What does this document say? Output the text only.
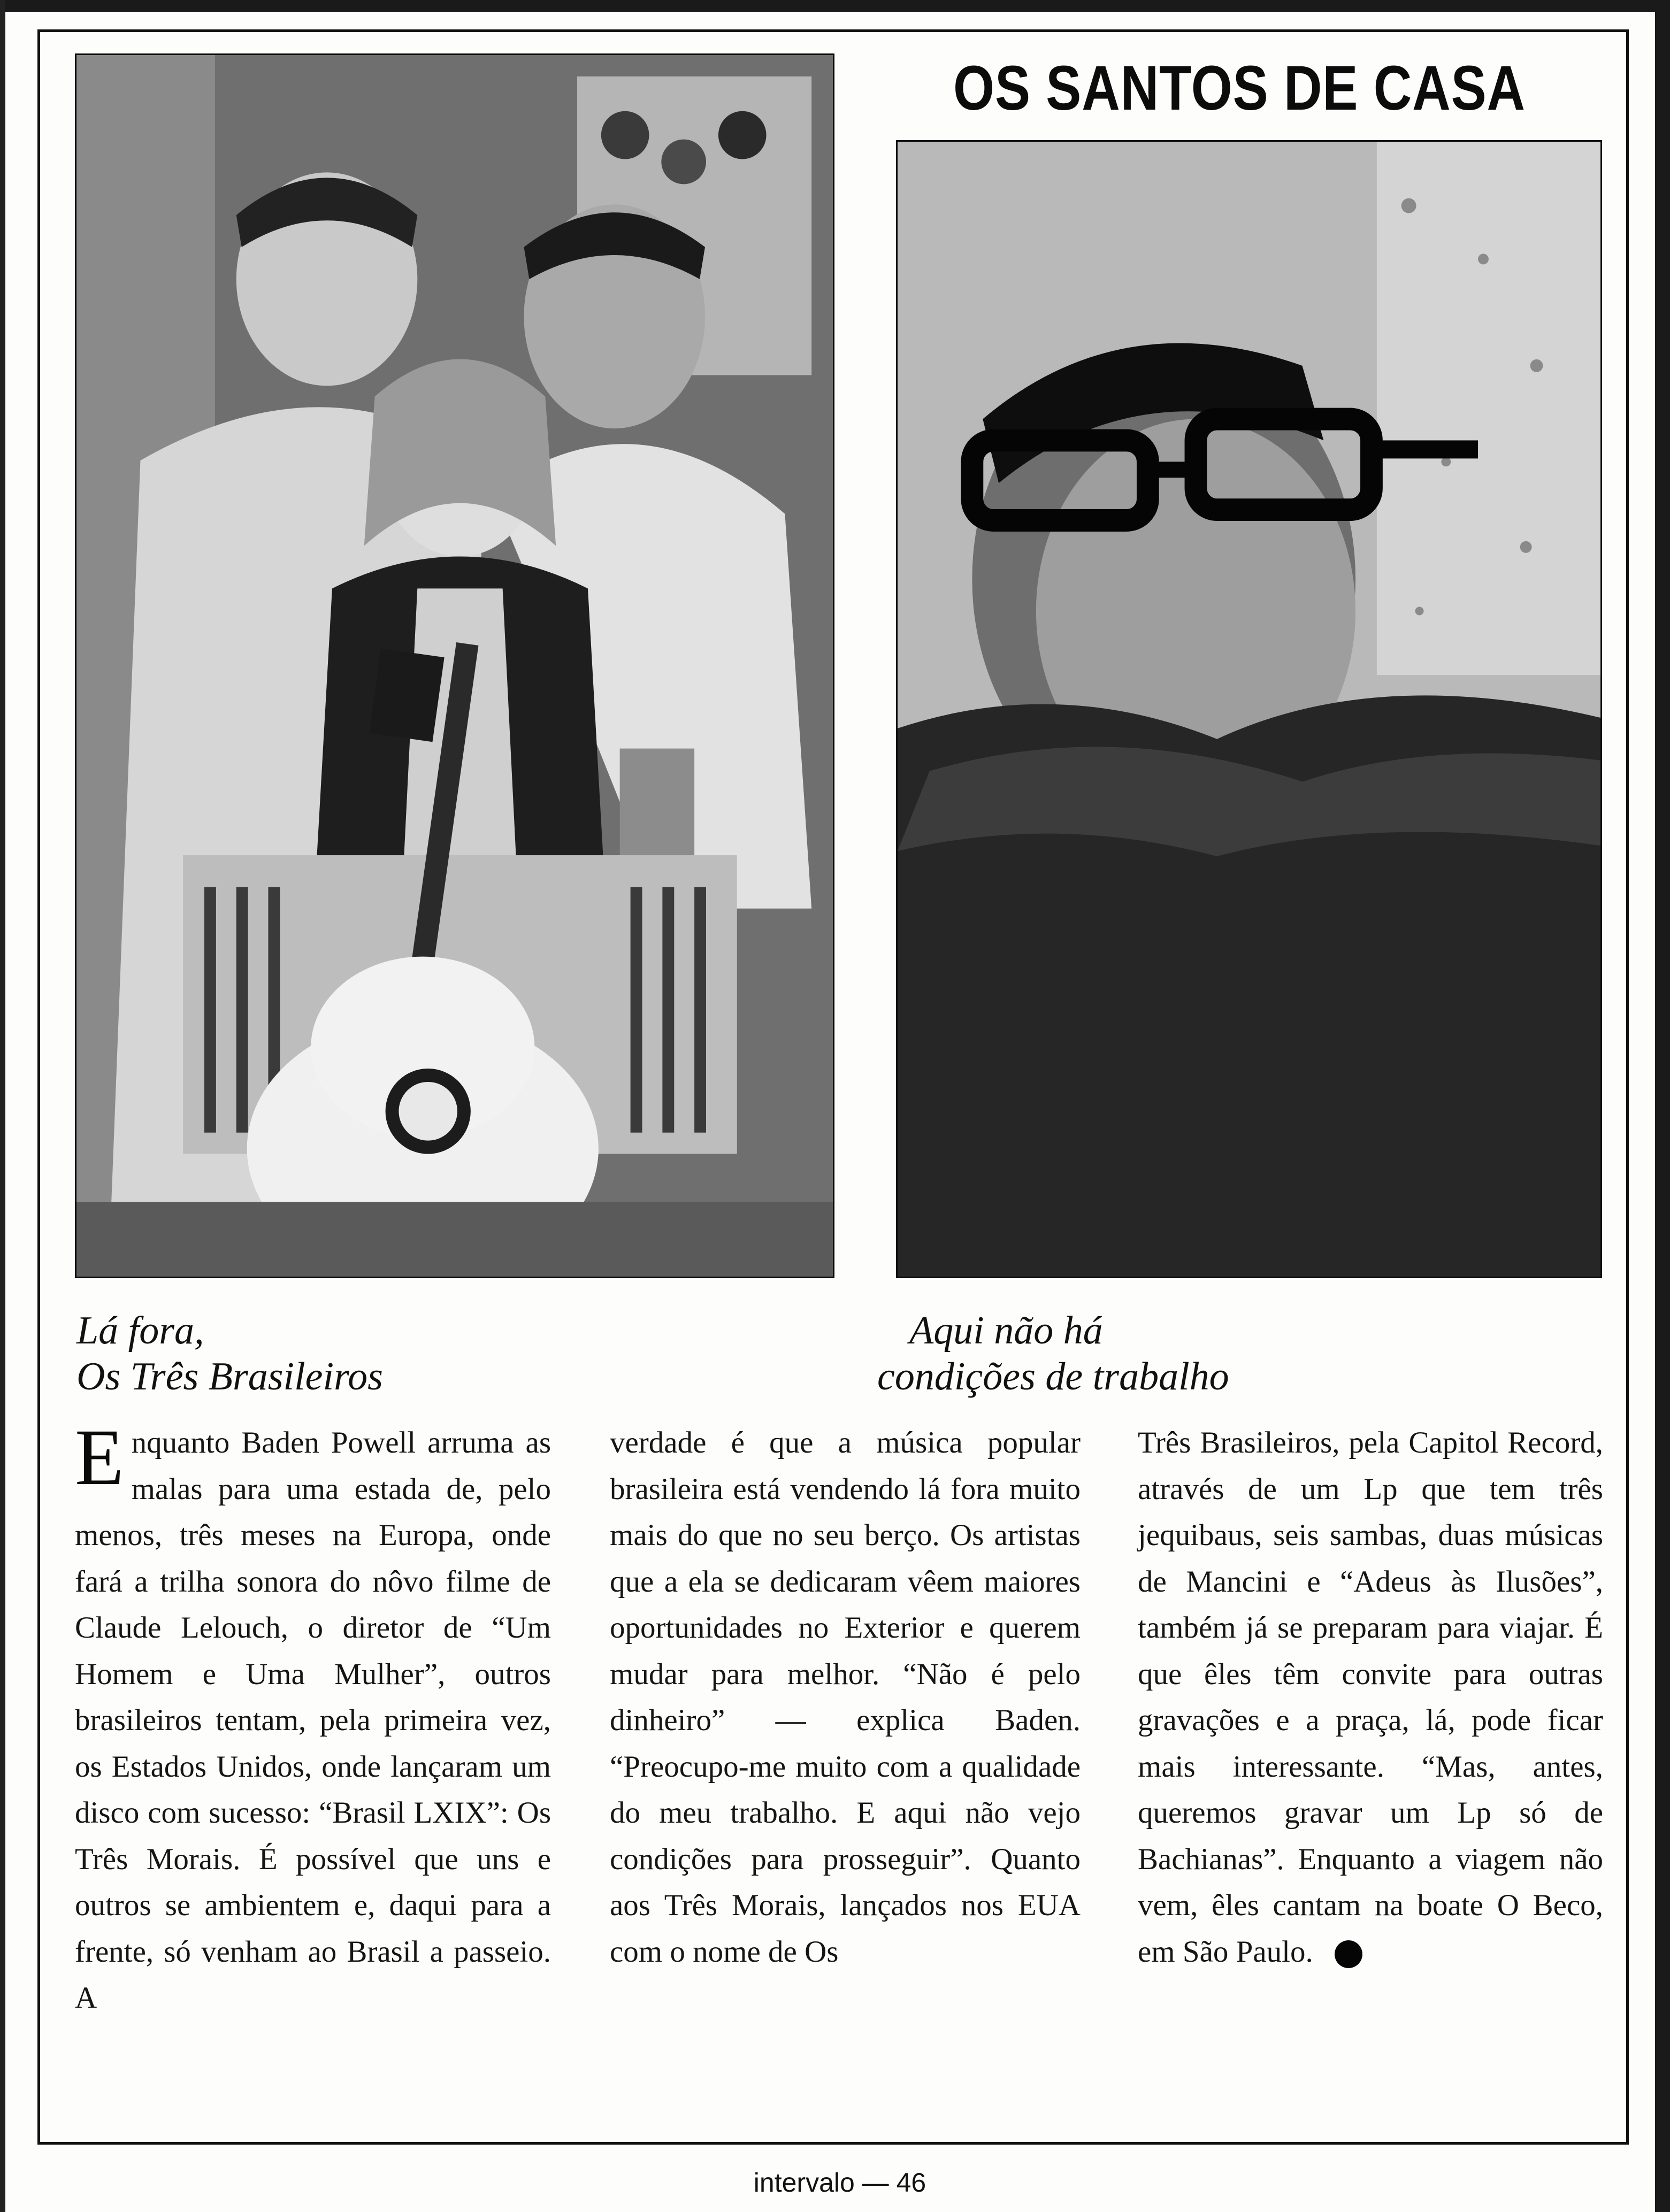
OS SANTOS DE CASA
Lá fora,
Os Três Brasileiros
Aqui não há
condições de trabalho

Enquanto Baden Powell arruma as malas para uma estada de, pelo menos, três meses na Europa, onde fará a trilha sonora do nôvo filme de Claude Lelouch, o diretor de “Um Homem e Uma Mulher”, outros brasileiros tentam, pela primeira vez, os Estados Unidos, onde lançaram um disco com sucesso: “Brasil LXIX”: Os Três Morais. É possível que uns e outros se ambientem e, daqui para a frente, só venham ao Brasil a passeio. A

verdade é que a música popular brasileira está vendendo lá fora muito mais do que no seu berço. Os artistas que a ela se dedicaram vêem maiores oportunidades no Exterior e querem mudar para melhor. “Não é pelo dinheiro” — explica Baden. “Preocupo-me muito com a qualidade do meu trabalho. E aqui não vejo condições para prosseguir”. Quanto aos Três Morais, lançados nos EUA com o nome de Os

Três Brasileiros, pela Capitol Record, através de um Lp que tem três jequibaus, seis sambas, duas músicas de Mancini e “Adeus às Ilusões”, também já se preparam para viajar. É que êles têm convite para outras gravações e a praça, lá, pode ficar mais interessante. “Mas, antes, queremos gravar um Lp só de Bachianas”. Enquanto a viagem não vem, êles cantam na boate O Beco, em São Paulo.

intervalo — 46
